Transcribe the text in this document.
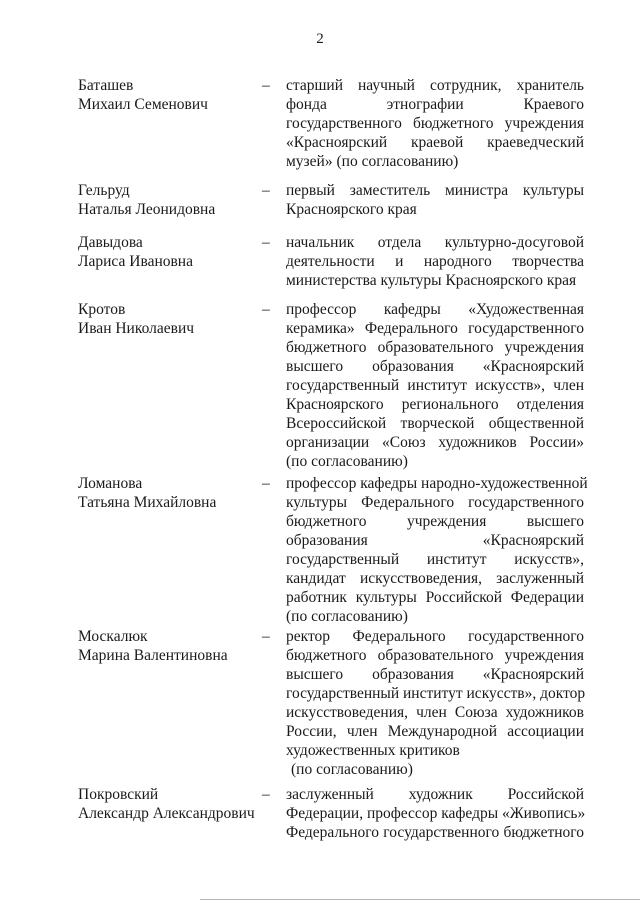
2
Баташев
Михаил Семенович
–	старший научный сотрудник, хранитель
фонда этнографии Краевого
государственного бюджетного учреждения
«Красноярский краевой краеведческий
музей» (по согласованию)
Гельруд
Наталья Леонидовна
–	первый заместитель министра культуры
Красноярского края
Давыдова
Лариса Ивановна
–	начальник отдела культурно-досуговой
деятельности и народного творчества
министерства культуры Красноярского края
Кротов
Иван Николаевич
–	профессор кафедры «Художественная
керамика» Федерального государственного
бюджетного образовательного учреждения
высшего образования «Красноярский
государственный институт искусств», член
Красноярского регионального отделения
Всероссийской творческой общественной
организации «Союз художников России»
(по согласованию)
Ломанова
Татьяна Михайловна
–	профессор кафедры народно-художественной
культуры Федерального государственного
бюджетного учреждения высшего
образования «Красноярский
государственный институт искусств»,
кандидат искусствоведения, заслуженный
работник культуры Российской Федерации
(по согласованию)
Москалюк
Марина Валентиновна
–	ректор Федерального государственного
бюджетного образовательного учреждения
высшего образования «Красноярский
государственный институт искусств», доктор
искусствоведения, член Союза художников
России, член Международной ассоциации
художественных критиков
(по согласованию)
Покровский
Александр Александрович
–	заслуженный художник Российской
Федерации, профессор кафедры «Живопись»
Федерального государственного бюджетного
